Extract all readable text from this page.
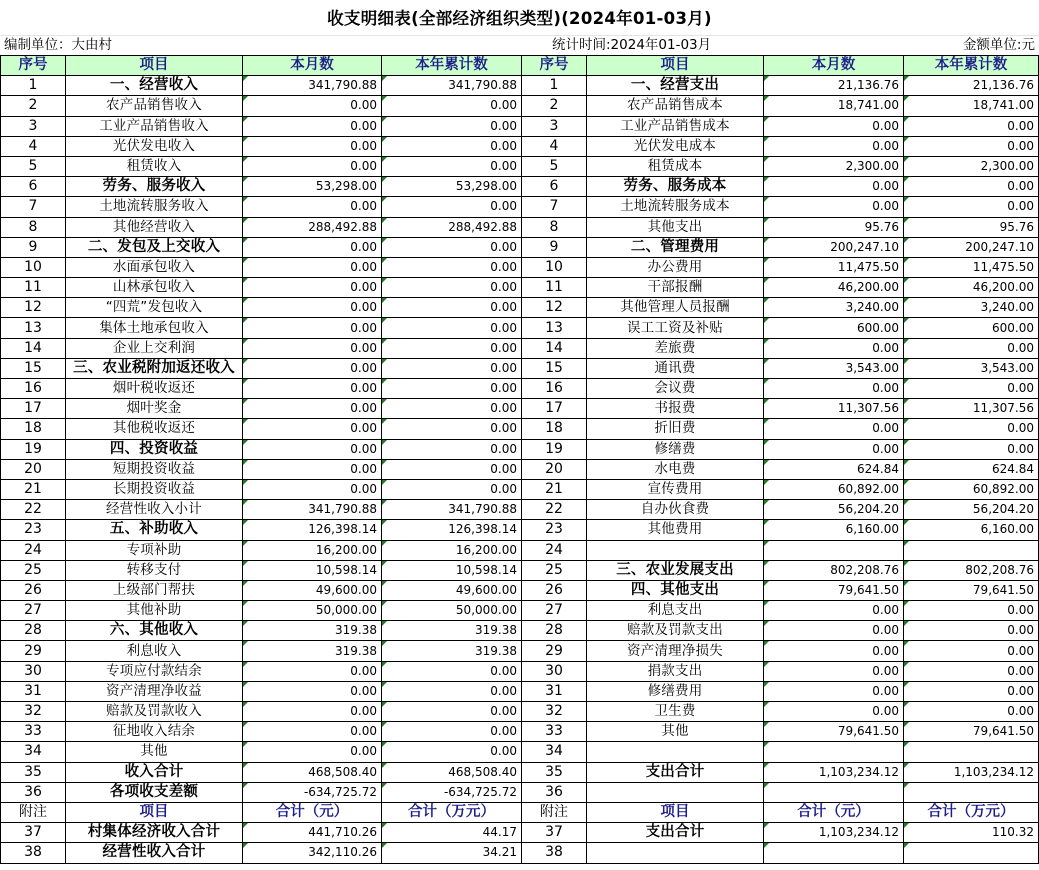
收支明细表(全部经济组织类型)(2024年01-03月)
编制单位：大由村	统计时间:2024年01-03月	金额单位:元
序号	项目	本月数	本年累计数	序号	项目	本月数	本年累计数
1	一、经营收入	341,790.88	341,790.88	1	一、经营支出	21,136.76	21,136.76
2	农产品销售收入	0.00	0.00	2	农产品销售成本	18,741.00	18,741.00
3	工业产品销售收入	0.00	0.00	3	工业产品销售成本	0.00	0.00
4	光伏发电收入	0.00	0.00	4	光伏发电成本	0.00	0.00
5	租赁收入	0.00	0.00	5	租赁成本	2,300.00	2,300.00
6	劳务、服务收入	53,298.00	53,298.00	6	劳务、服务成本	0.00	0.00
7	土地流转服务收入	0.00	0.00	7	土地流转服务成本	0.00	0.00
8	其他经营收入	288,492.88	288,492.88	8	其他支出	95.76	95.76
9	二、发包及上交收入	0.00	0.00	9	二、管理费用	200,247.10	200,247.10
10	水面承包收入	0.00	0.00	10	办公费用	11,475.50	11,475.50
11	山林承包收入	0.00	0.00	11	干部报酬	46,200.00	46,200.00
12	“四荒”发包收入	0.00	0.00	12	其他管理人员报酬	3,240.00	3,240.00
13	集体土地承包收入	0.00	0.00	13	误工工资及补贴	600.00	600.00
14	企业上交利润	0.00	0.00	14	差旅费	0.00	0.00
15	三、农业税附加返还收入	0.00	0.00	15	通讯费	3,543.00	3,543.00
16	烟叶税收返还	0.00	0.00	16	会议费	0.00	0.00
17	烟叶奖金	0.00	0.00	17	书报费	11,307.56	11,307.56
18	其他税收返还	0.00	0.00	18	折旧费	0.00	0.00
19	四、投资收益	0.00	0.00	19	修缮费	0.00	0.00
20	短期投资收益	0.00	0.00	20	水电费	624.84	624.84
21	长期投资收益	0.00	0.00	21	宣传费用	60,892.00	60,892.00
22	经营性收入小计	341,790.88	341,790.88	22	自办伙食费	56,204.20	56,204.20
23	五、补助收入	126,398.14	126,398.14	23	其他费用	6,160.00	6,160.00
24	专项补助	16,200.00	16,200.00	24			
25	转移支付	10,598.14	10,598.14	25	三、农业发展支出	802,208.76	802,208.76
26	上级部门帮扶	49,600.00	49,600.00	26	四、其他支出	79,641.50	79,641.50
27	其他补助	50,000.00	50,000.00	27	利息支出	0.00	0.00
28	六、其他收入	319.38	319.38	28	赔款及罚款支出	0.00	0.00
29	利息收入	319.38	319.38	29	资产清理净损失	0.00	0.00
30	专项应付款结余	0.00	0.00	30	捐款支出	0.00	0.00
31	资产清理净收益	0.00	0.00	31	修缮费用	0.00	0.00
32	赔款及罚款收入	0.00	0.00	32	卫生费	0.00	0.00
33	征地收入结余	0.00	0.00	33	其他	79,641.50	79,641.50
34	其他	0.00	0.00	34			
35	收入合计	468,508.40	468,508.40	35	支出合计	1,103,234.12	1,103,234.12
36	各项收支差额	-634,725.72	-634,725.72	36			
附注	项目	合计（元）	合计（万元）	附注	项目	合计（元）	合计（万元）
37	村集体经济收入合计	441,710.26	44.17	37	支出合计	1,103,234.12	110.32
38	经营性收入合计	342,110.26	34.21	38			
